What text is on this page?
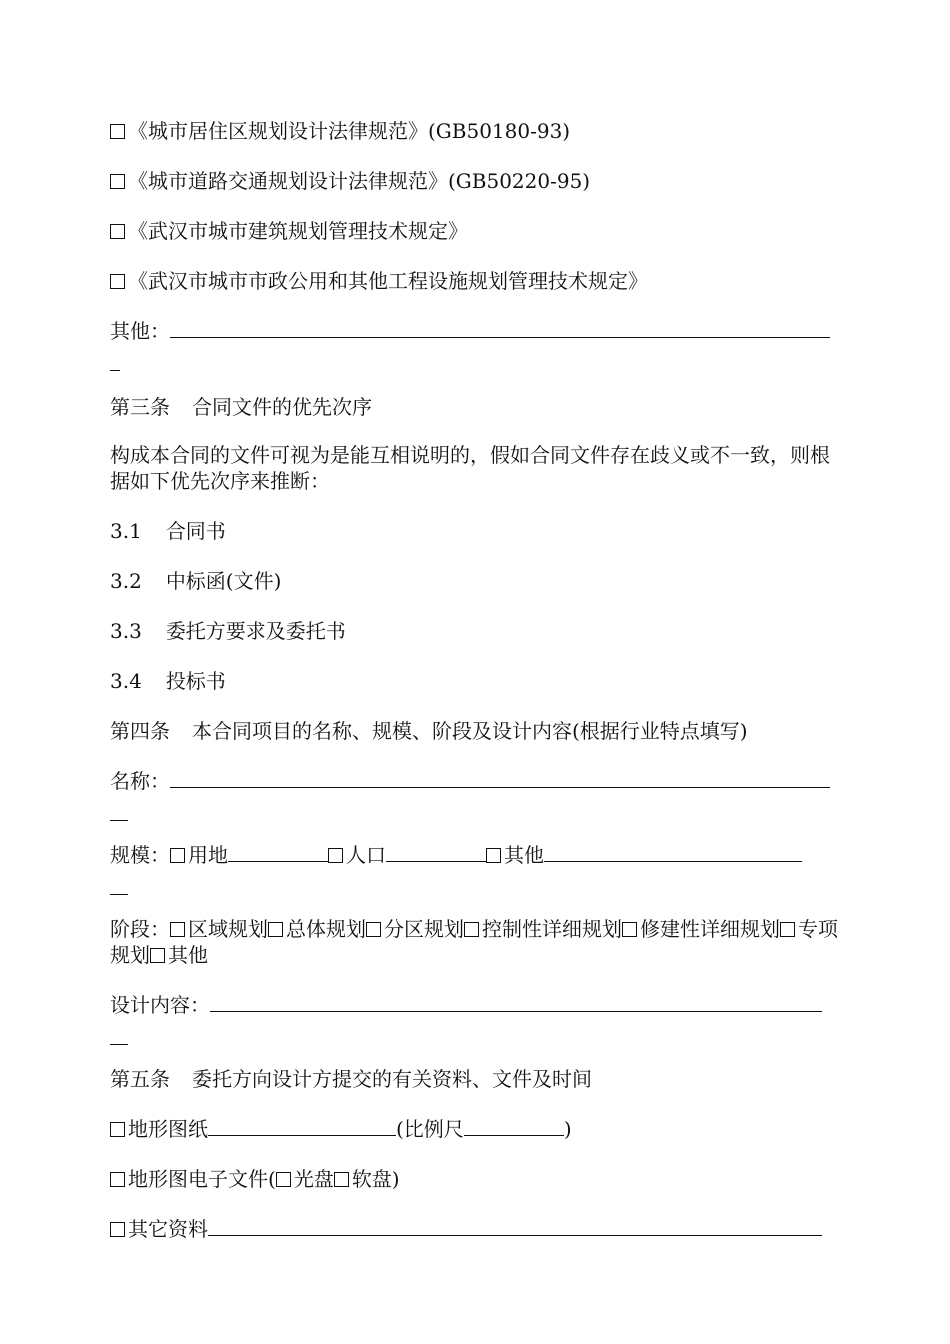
《城市居住区规划设计法律规范》(GB50180-93)
《城市道路交通规划设计法律规范》(GB50220-95)
《武汉市城市建筑规划管理技术规定》
《武汉市城市市政公用和其他工程设施规划管理技术规定》
其他：
第三条 合同文件的优先次序
构成本合同的文件可视为是能互相说明的，假如合同文件存在歧义或不一致，则根据如下优先次序来推断：
3.1 合同书
3.2 中标函(文件)
3.3 委托方要求及委托书
3.4 投标书
第四条 本合同项目的名称、规模、阶段及设计内容(根据行业特点填写)
名称：
规模： 用地	人口	其他
阶段： 区域规划 总体规划 分区规划 控制性详细规划 修建性详细规划 专项规划 其他
设计内容：
第五条 委托方向设计方提交的有关资料、文件及时间
地形图纸	(比例尺	)
地形图电子文件( 光盘 软盘)
其它资料
